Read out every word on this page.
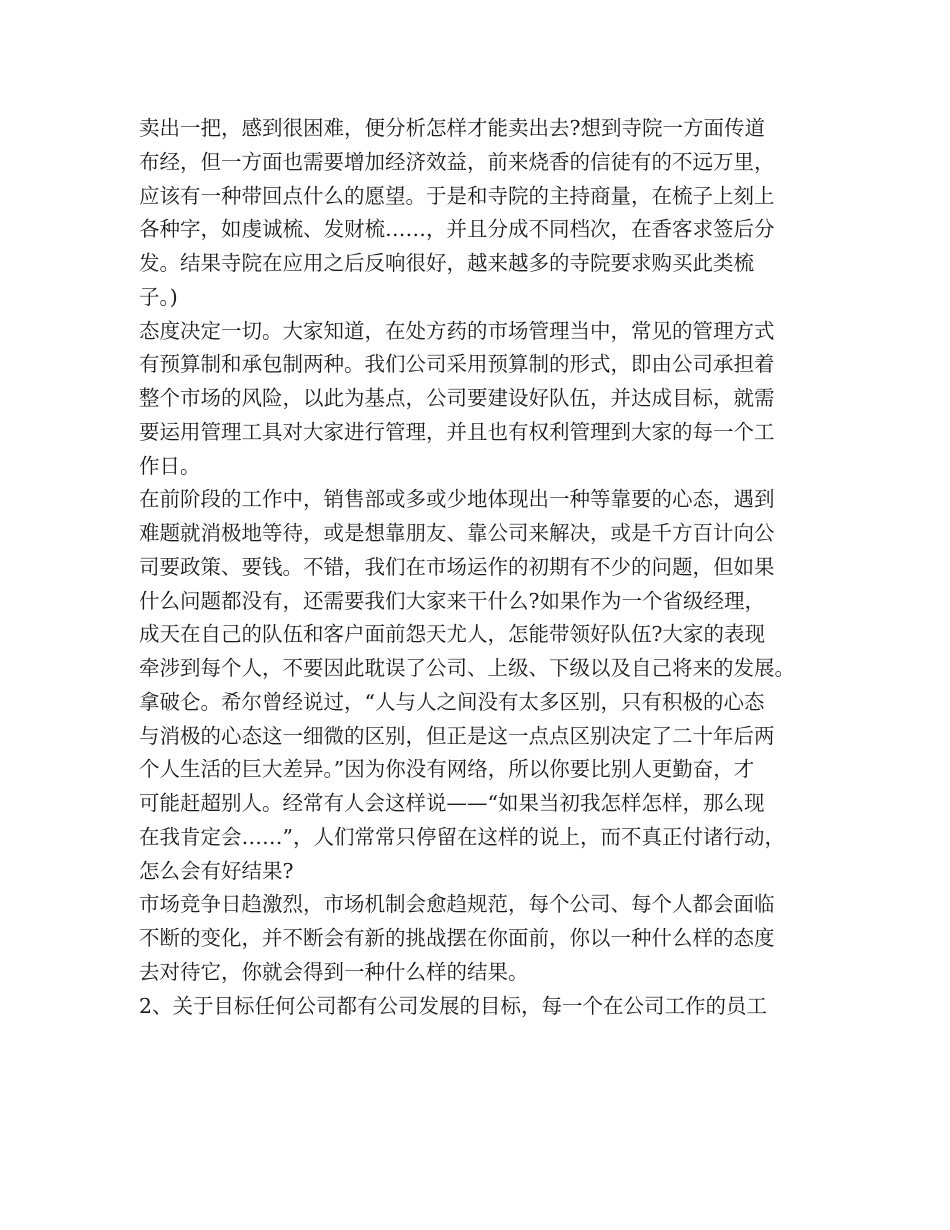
卖出一把，感到很困难，便分析怎样才能卖出去?想到寺院一方面传道
布经，但一方面也需要增加经济效益，前来烧香的信徒有的不远万里，
应该有一种带回点什么的愿望。于是和寺院的主持商量，在梳子上刻上
各种字，如虔诚梳、发财梳……，并且分成不同档次，在香客求签后分
发。结果寺院在应用之后反响很好，越来越多的寺院要求购买此类梳
子。)
态度决定一切。大家知道，在处方药的市场管理当中，常见的管理方式
有预算制和承包制两种。我们公司采用预算制的形式，即由公司承担着
整个市场的风险，以此为基点，公司要建设好队伍，并达成目标，就需
要运用管理工具对大家进行管理，并且也有权利管理到大家的每一个工
作日。
在前阶段的工作中，销售部或多或少地体现出一种等靠要的心态，遇到
难题就消极地等待，或是想靠朋友、靠公司来解决，或是千方百计向公
司要政策、要钱。不错，我们在市场运作的初期有不少的问题，但如果
什么问题都没有，还需要我们大家来干什么?如果作为一个省级经理，
成天在自己的队伍和客户面前怨天尤人，怎能带领好队伍?大家的表现
牵涉到每个人，不要因此耽误了公司、上级、下级以及自己将来的发展。
拿破仑。希尔曾经说过，“人与人之间没有太多区别，只有积极的心态
与消极的心态这一细微的区别，但正是这一点点区别决定了二十年后两
个人生活的巨大差异。”因为你没有网络，所以你要比别人更勤奋，才
可能赶超别人。经常有人会这样说——“如果当初我怎样怎样，那么现
在我肯定会……”，人们常常只停留在这样的说上，而不真正付诸行动，
怎么会有好结果?
市场竞争日趋激烈，市场机制会愈趋规范，每个公司、每个人都会面临
不断的变化，并不断会有新的挑战摆在你面前，你以一种什么样的态度
去对待它，你就会得到一种什么样的结果。
2、关于目标任何公司都有公司发展的目标，每一个在公司工作的员工
